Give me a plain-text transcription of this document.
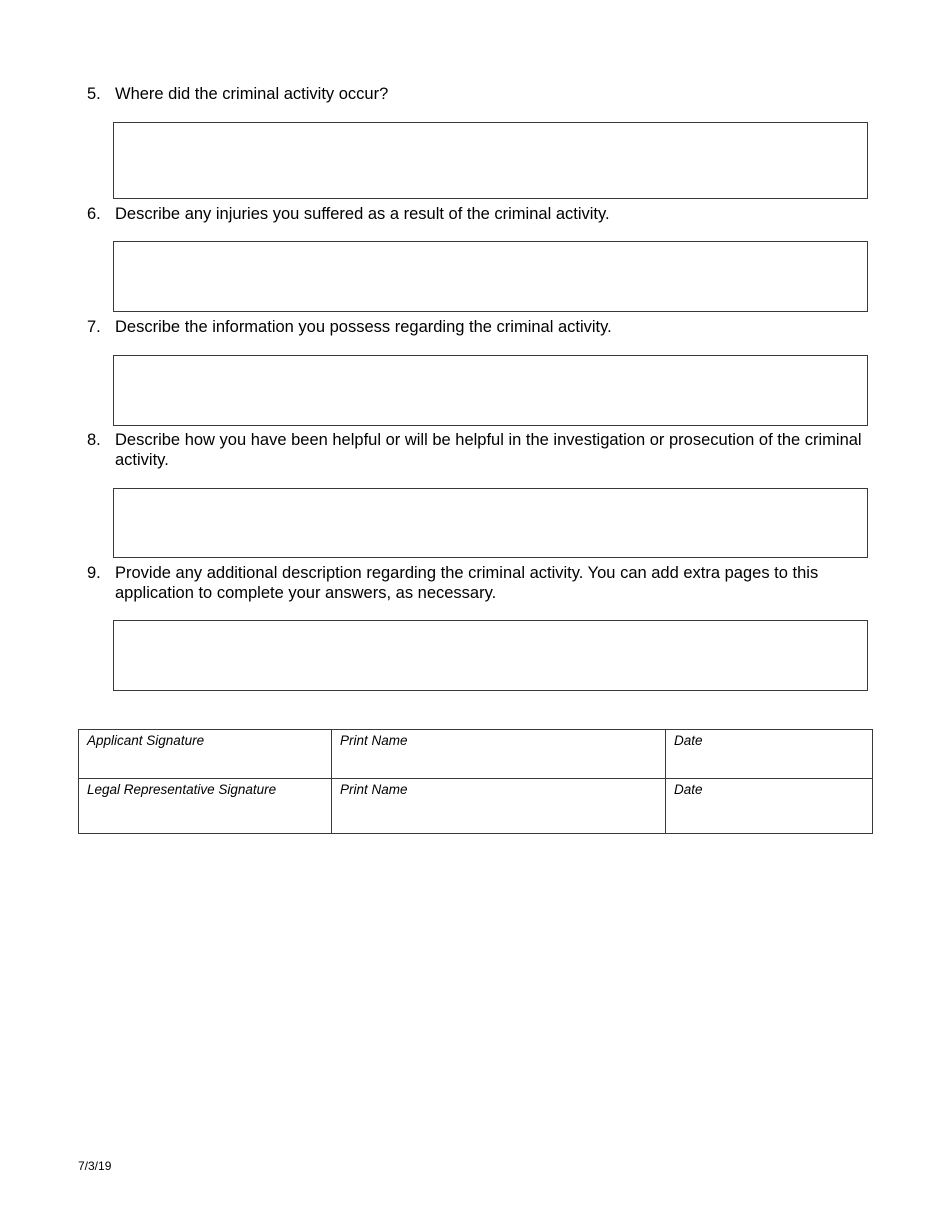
5. Where did the criminal activity occur?
6. Describe any injuries you suffered as a result of the criminal activity.
7. Describe the information you possess regarding the criminal activity.
8. Describe how you have been helpful or will be helpful in the investigation or prosecution of the criminal activity.
9. Provide any additional description regarding the criminal activity. You can add extra pages to this application to complete your answers, as necessary.
Applicant Signature	Print Name	Date
Legal Representative Signature	Print Name	Date
7/3/19
